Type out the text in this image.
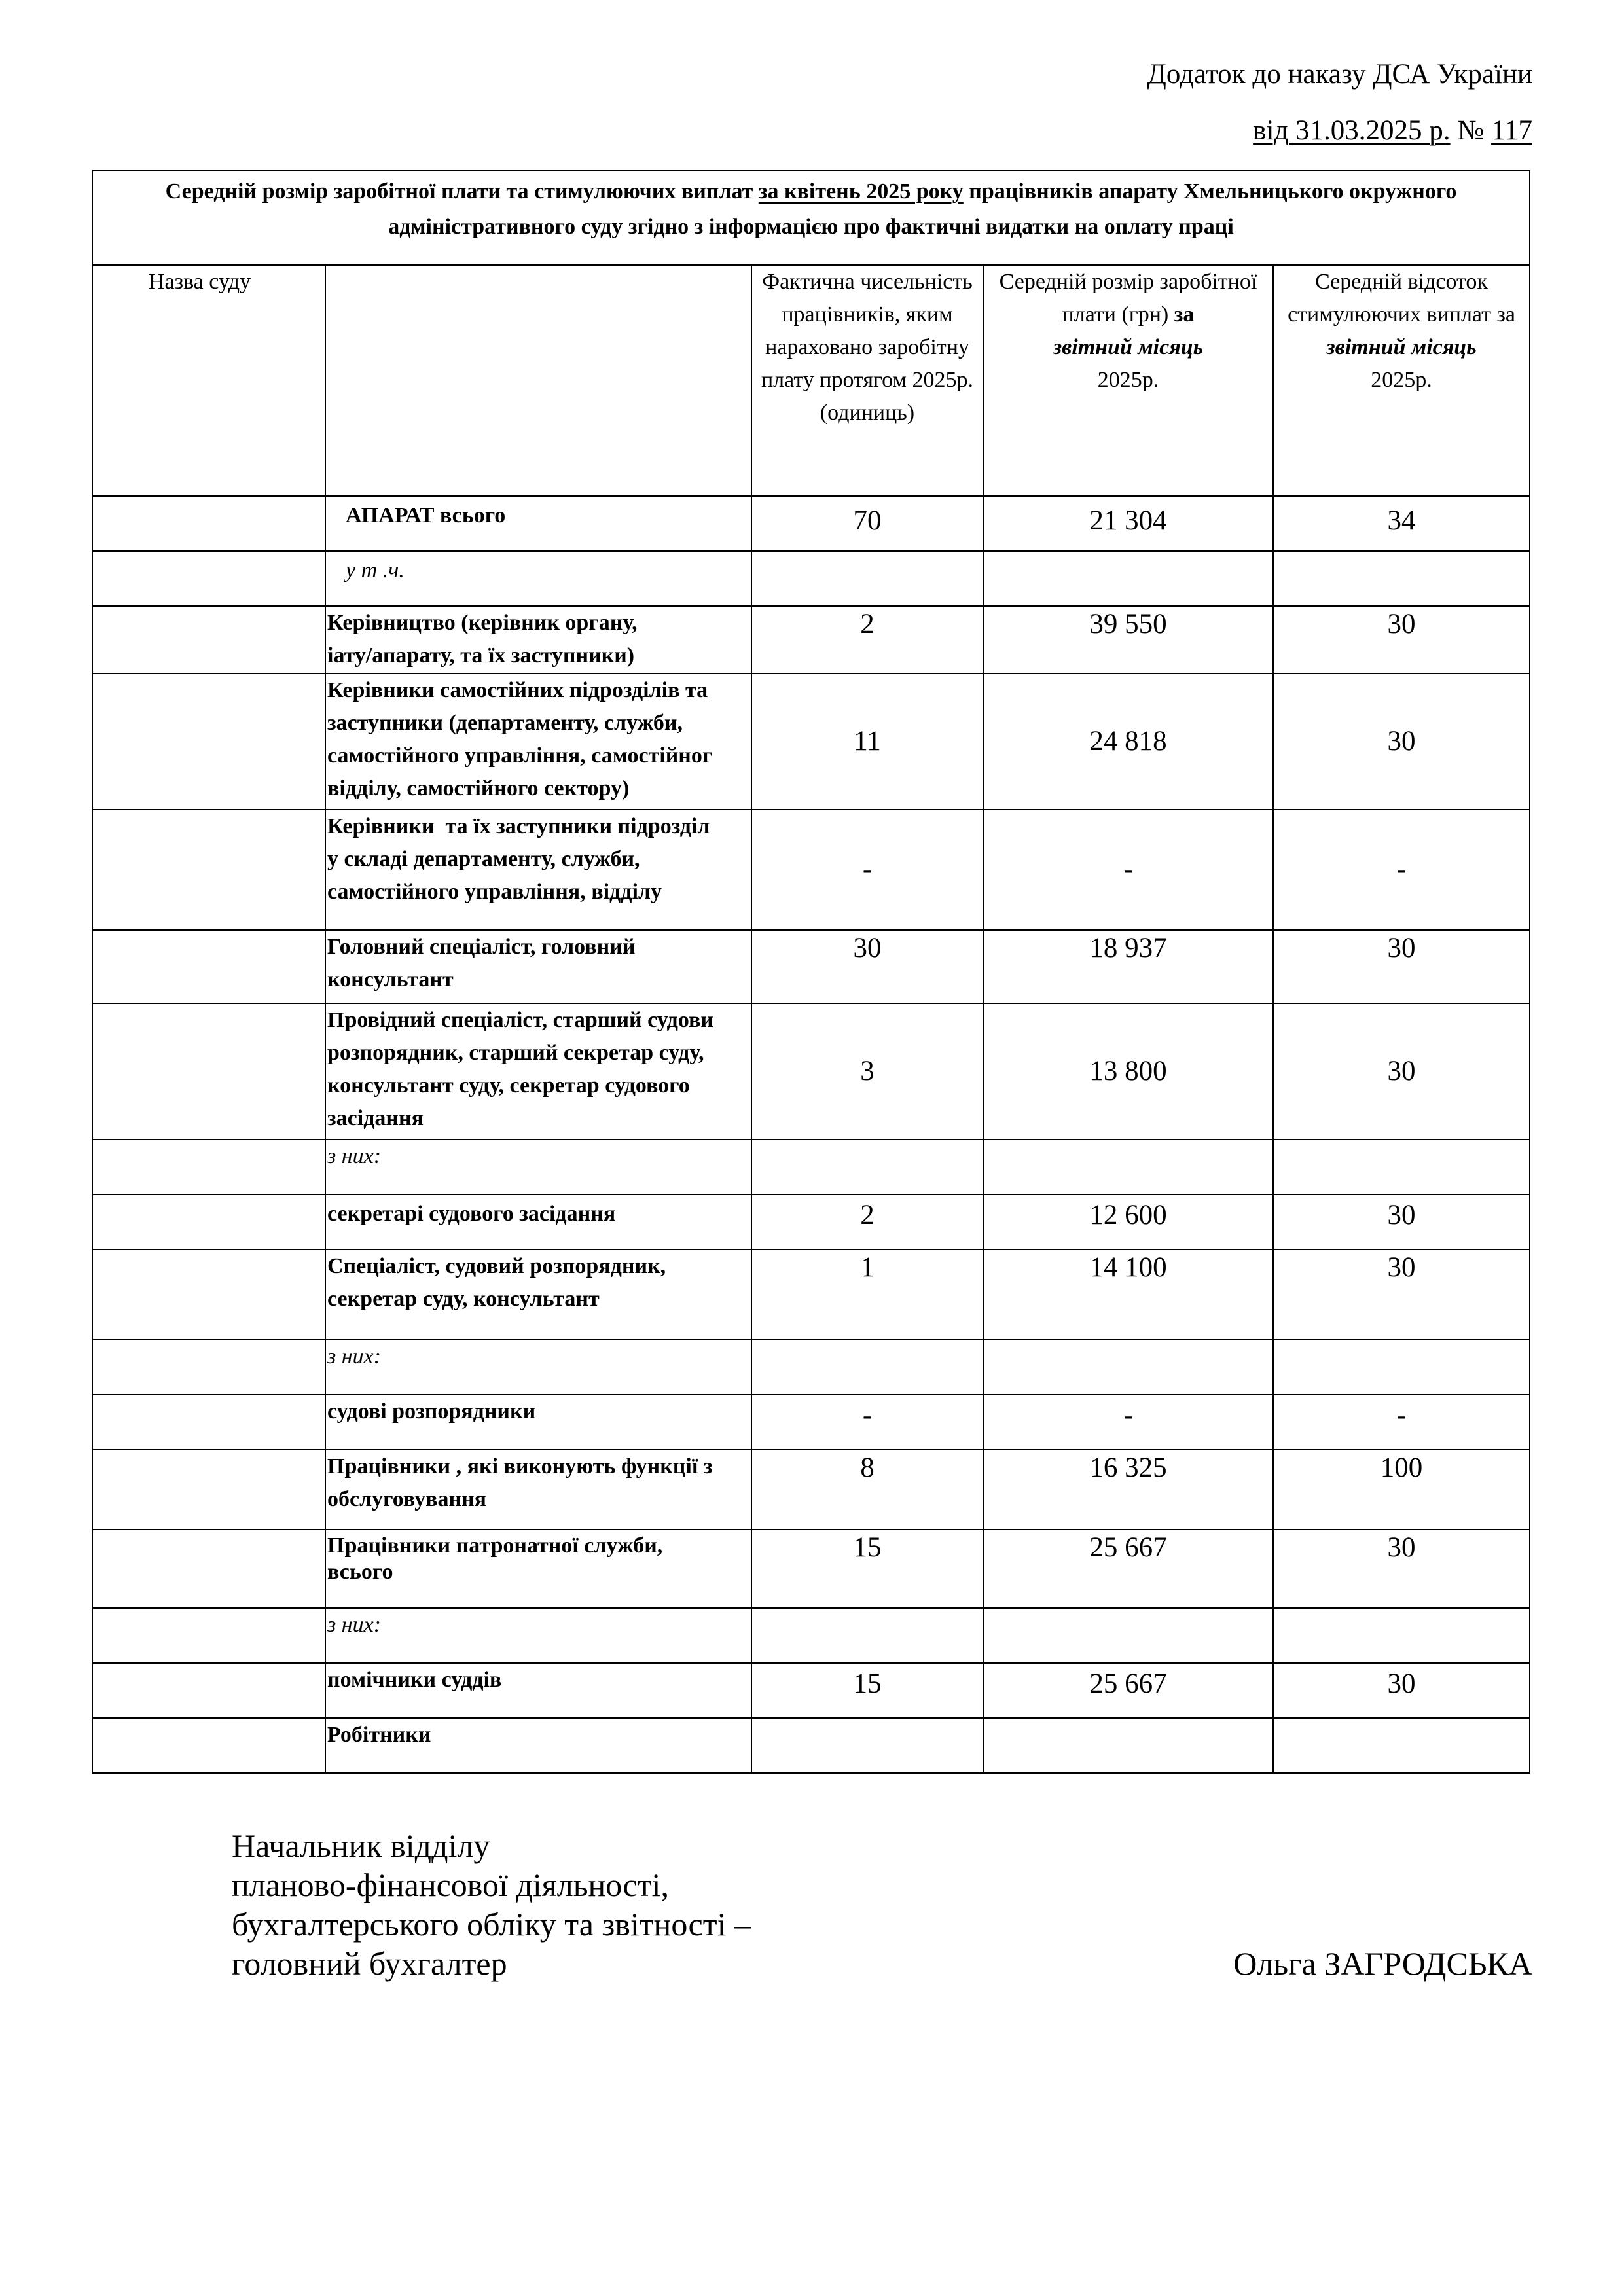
Додаток до наказу ДСА України
від 31.03.2025 р. № 117
Середній розмір заробітної плати та стимулюючих виплат за квітень 2025 року працівників апарату Хмельницького окружного адміністративного суду згідно з інформацією про фактичні видатки на оплату праці				
Назва суду		Фактична чисельність працівників, яким нараховано заробітну плату протягом 2025р.(одиниць)	Середній розмір заробітної плати (грн) за
звітний місяць
2025р.	Середній відсоток стимулюючих виплат за звітний місяць
2025р.
	АПАРАТ всього	70	21 304	34
	у т .ч.			
	Керівництво (керівник органу,
іату/апарату, та їх заступники)	2	39 550	30
	Керівники самостійних підрозділів та
заступники (департаменту, служби,
самостійного управління, самостійног
відділу, самостійного сектору)	11	24 818	30
	Керівники  та їх заступники підрозділ
у складі департаменту, служби,
самостійного управління, відділу	-	-	-
	Головний спеціаліст, головний
консультант	30	18 937	30
	Провідний спеціаліст, старший судови
розпорядник, старший секретар суду,
консультант суду, секретар судового
засідання	3	13 800	30
	з них:			
	секретарі судового засідання	2	12 600	30
	Спеціаліст, судовий розпорядник,
секретар суду, консультант	1	14 100	30
	з них:			
	судові розпорядники	-	-	-
	Працівники , які виконують функції з
обслуговування	8	16 325	100
	Працівники патронатної служби,
всього	15	25 667	30
	з них:			
	помічники суддів	15	25 667	30
	Робітники			
Начальник відділу
планово-фінансової діяльності,
бухгалтерського обліку та звітності –
головний бухгалтер	Ольга ЗАГРОДСЬКА
